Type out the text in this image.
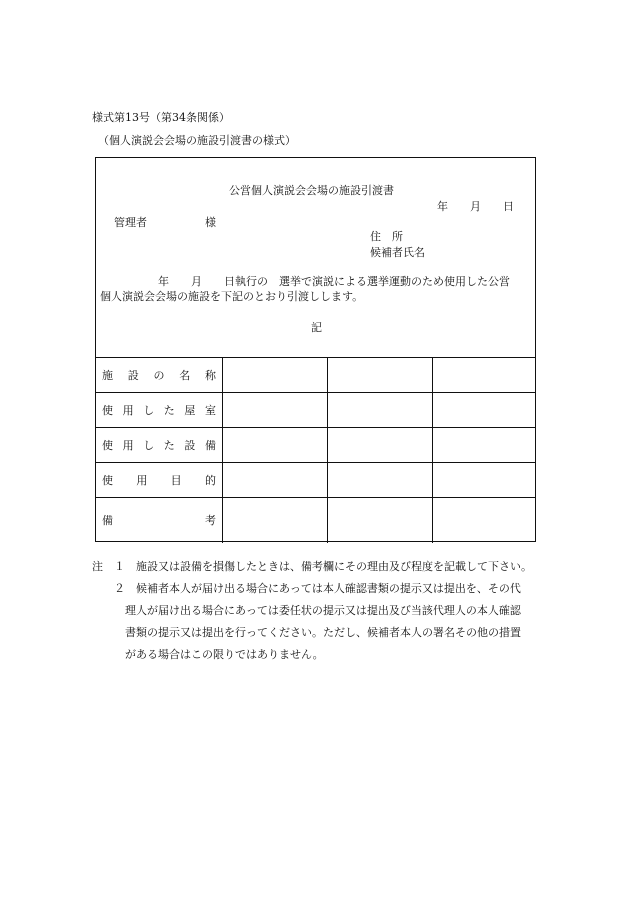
様式第13号（第34条関係）
（個人演説会会場の施設引渡書の様式）
公営個人演説会会場の施設引渡書
年　　月　　日
管理者	様
住　所
候補者氏名
年　　月　　日執行の　選挙で演説による選挙運動のため使用した公営
個人演説会会場の施設を下記のとおり引渡しします。
記
施 設 の 名 称
使 用 し た 屋 室
使 用 し た 設 備
使 用 目 的
備	考
注　１　施設又は設備を損傷したときは、備考欄にその理由及び程度を記載して下さい。
　　２　候補者本人が届け出る場合にあっては本人確認書類の提示又は提出を、その代
　　　理人が届け出る場合にあっては委任状の提示又は提出及び当該代理人の本人確認
　　　書類の提示又は提出を行ってください。ただし、候補者本人の署名その他の措置
　　　がある場合はこの限りではありません。
